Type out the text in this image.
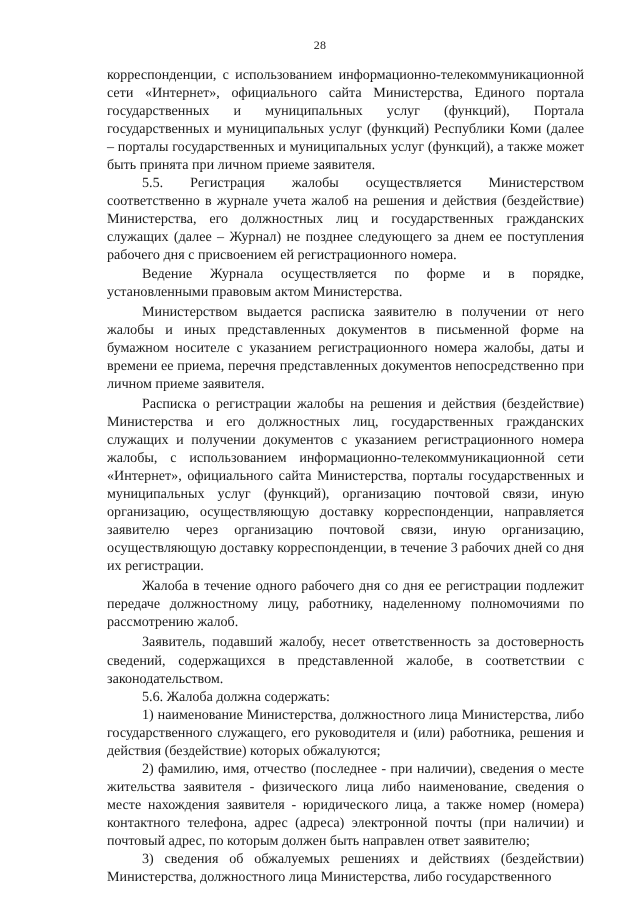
28

корреспонденции, с использованием информационно-телекоммуникационной сети «Интернет», официального сайта Министерства, Единого портала государственных и муниципальных услуг (функций), Портала государственных и муниципальных услуг (функций) Республики Коми (далее – порталы государственных и муниципальных услуг (функций), а также может быть принята при личном приеме заявителя.

5.5. Регистрация жалобы осуществляется Министерством соответственно в журнале учета жалоб на решения и действия (бездействие) Министерства, его должностных лиц и государственных гражданских служащих (далее – Журнал) не позднее следующего за днем ее поступления рабочего дня с присвоением ей регистрационного номера.

Ведение Журнала осуществляется по форме и в порядке, установленными правовым актом Министерства.

Министерством выдается расписка заявителю в получении от него жалобы и иных представленных документов в письменной форме на бумажном носителе с указанием регистрационного номера жалобы, даты и времени ее приема, перечня представленных документов непосредственно при личном приеме заявителя.

Расписка о регистрации жалобы на решения и действия (бездействие) Министерства и его должностных лиц, государственных гражданских служащих и получении документов с указанием регистрационного номера жалобы, с использованием информационно-телекоммуникационной сети «Интернет», официального сайта Министерства, порталы государственных и муниципальных услуг (функций), организацию почтовой связи, иную организацию, осуществляющую доставку корреспонденции, направляется заявителю через организацию почтовой связи, иную организацию, осуществляющую доставку корреспонденции, в течение 3 рабочих дней со дня их регистрации.

Жалоба в течение одного рабочего дня со дня ее регистрации подлежит передаче должностному лицу, работнику, наделенному полномочиями по рассмотрению жалоб.

Заявитель, подавший жалобу, несет ответственность за достоверность сведений, содержащихся в представленной жалобе, в соответствии с законодательством.

5.6. Жалоба должна содержать:

1) наименование Министерства, должностного лица Министерства, либо государственного служащего, его руководителя и (или) работника, решения и действия (бездействие) которых обжалуются;

2) фамилию, имя, отчество (последнее - при наличии), сведения о месте жительства заявителя - физического лица либо наименование, сведения о месте нахождения заявителя - юридического лица, а также номер (номера) контактного телефона, адрес (адреса) электронной почты (при наличии) и почтовый адрес, по которым должен быть направлен ответ заявителю;

3) сведения об обжалуемых решениях и действиях (бездействии) Министерства, должностного лица Министерства, либо государственного
